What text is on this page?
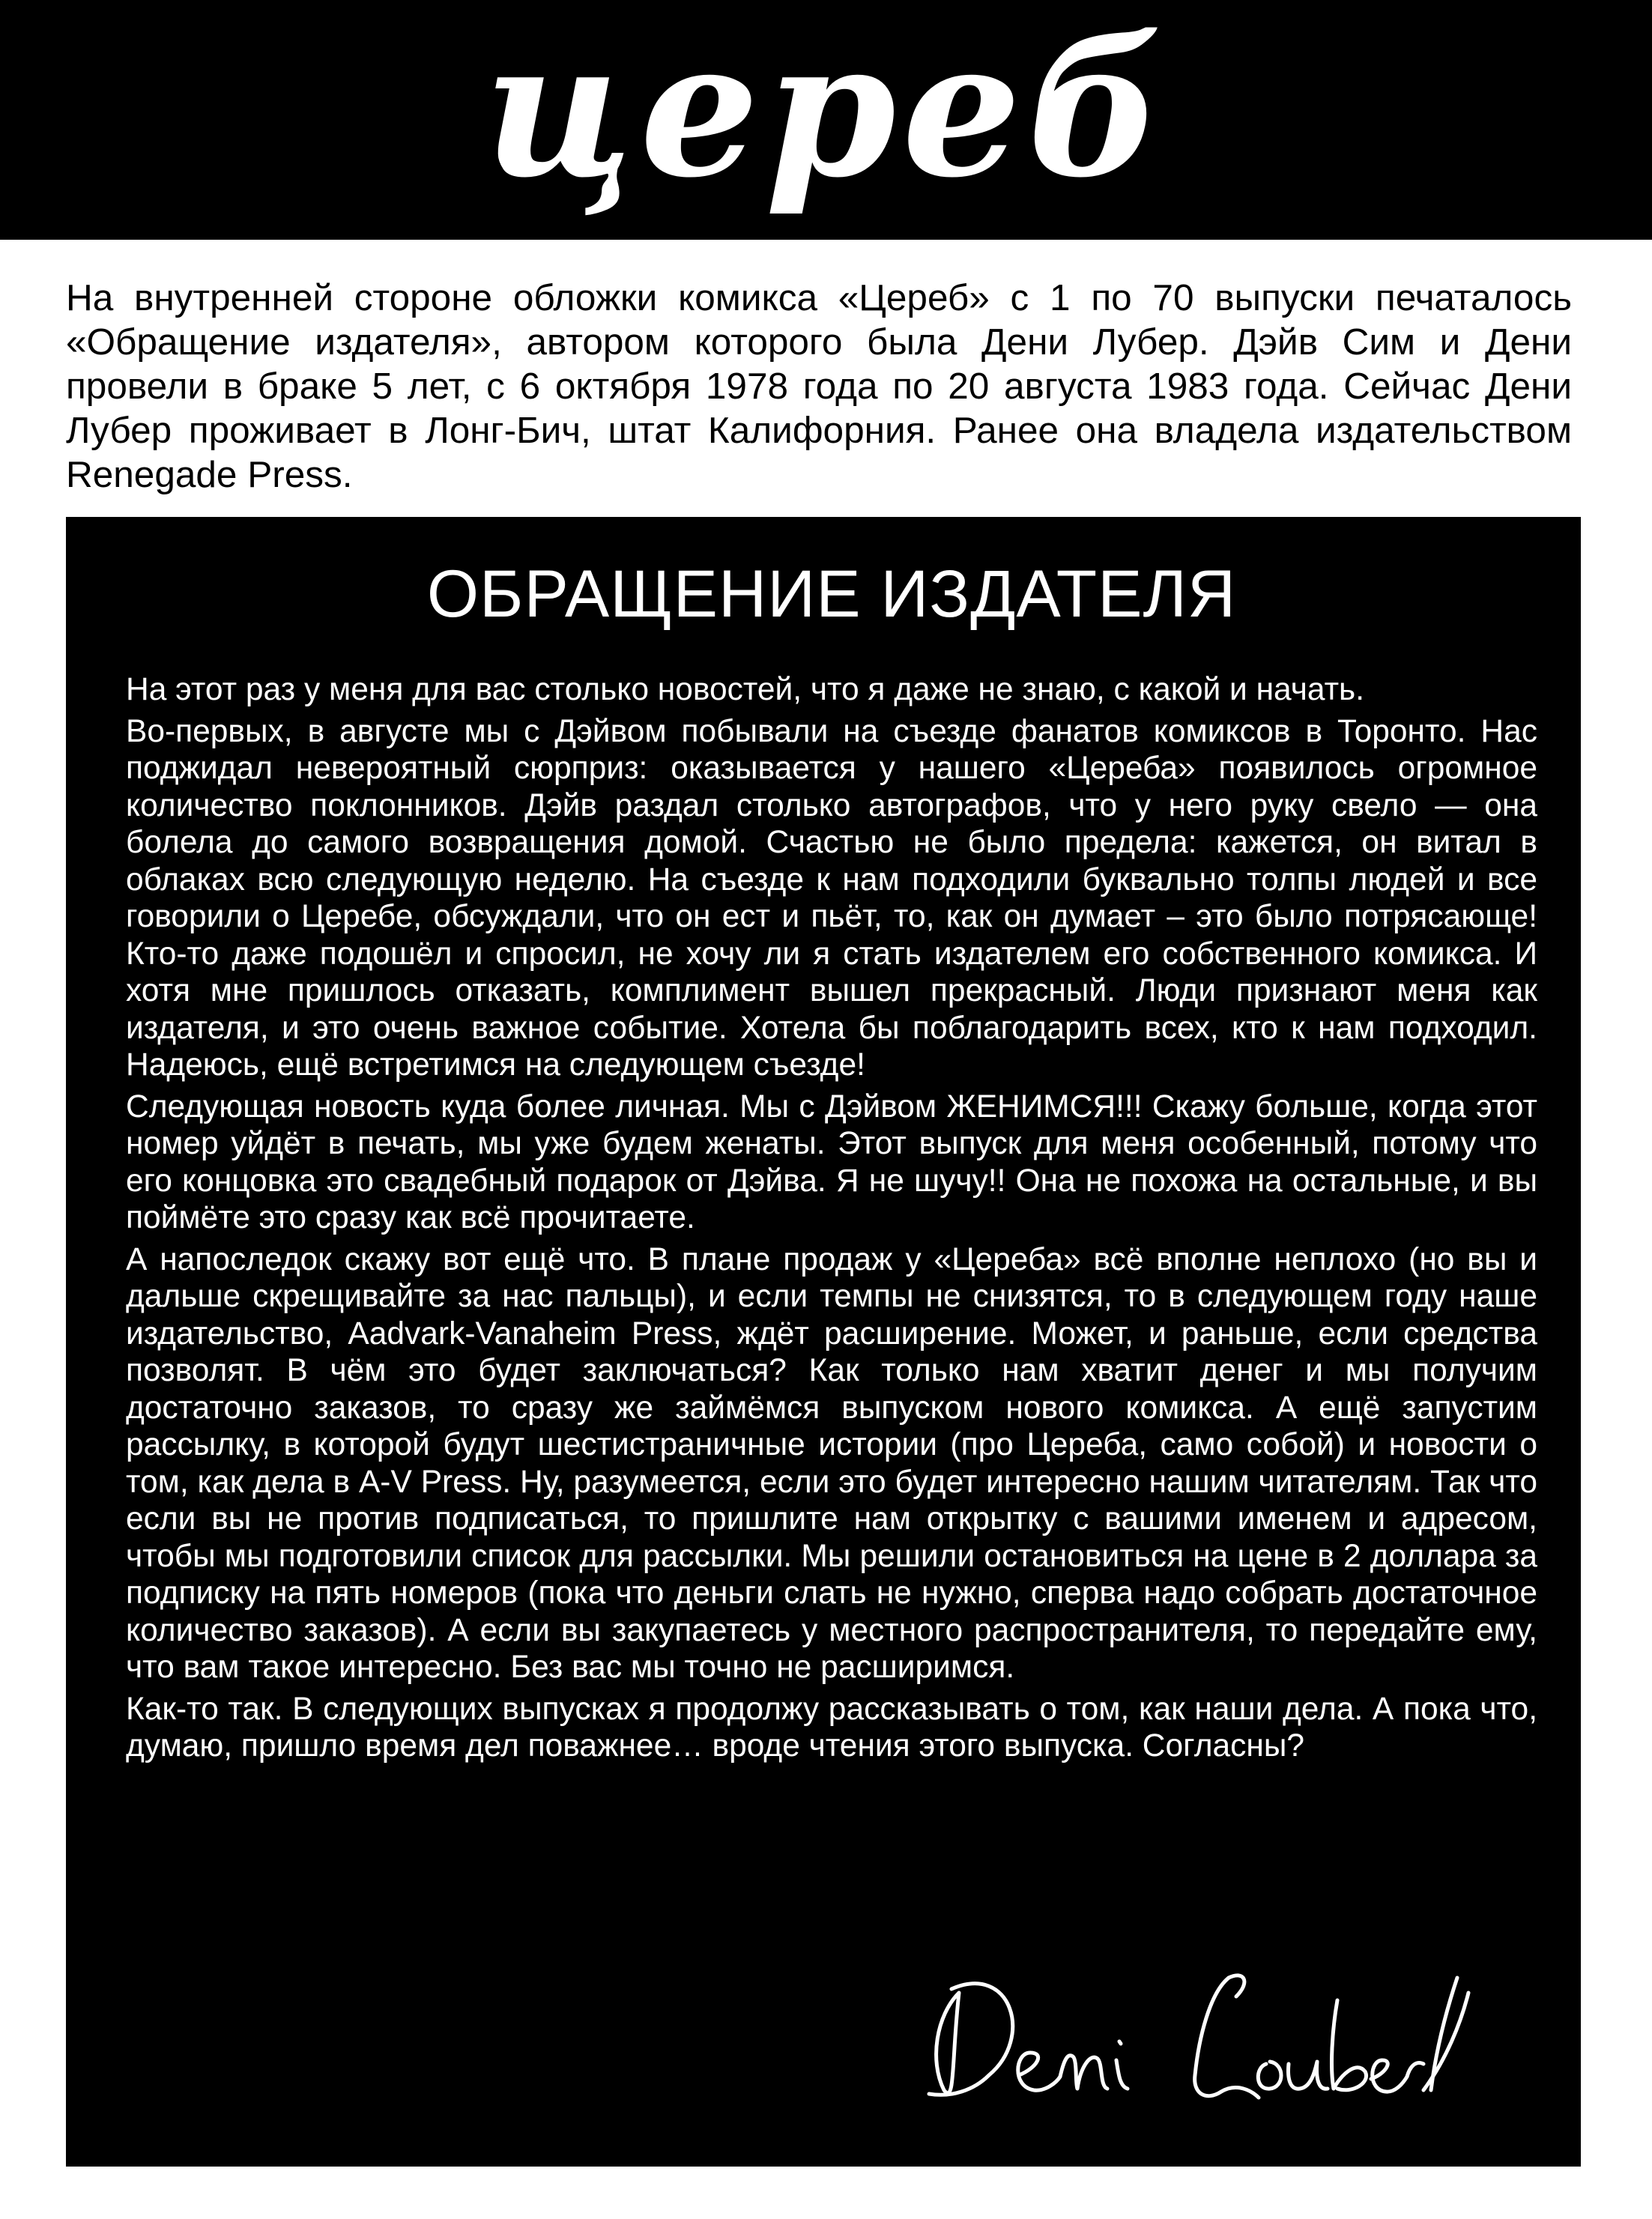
цереб

На внутренней стороне обложки комикса «Цереб» с 1 по 70 выпуски печаталось «Обращение издателя», автором которого была Дени Лубер. Дэйв Сим и Дени провели в браке 5 лет, с 6 октября 1978 года по 20 августа 1983 года. Сейчас Дени Лубер проживает в Лонг-Бич, штат Калифорния. Ранее она владела издательством Renegade Press.

ОБРАЩЕНИЕ ИЗДАТЕЛЯ

На этот раз у меня для вас столько новостей, что я даже не знаю, с какой и начать.

Во-первых, в августе мы с Дэйвом побывали на съезде фанатов комиксов в Торонто. Нас поджидал невероятный сюрприз: оказывается у нашего «Цереба» появилось огромное количество поклонников. Дэйв раздал столько автографов, что у него руку свело — она болела до самого возвращения домой. Счастью не было предела: кажется, он витал в облаках всю следующую неделю. На съезде к нам подходили буквально толпы людей и все говорили о Церебе, обсуждали, что он ест и пьёт, то, как он думает – это было потрясающе! Кто-то даже подошёл и спросил, не хочу ли я стать издателем его собственного комикса. И хотя мне пришлось отказать, комплимент вышел прекрасный. Люди признают меня как издателя, и это очень важное событие. Хотела бы поблагодарить всех, кто к нам подходил. Надеюсь, ещё встретимся на следующем съезде!

Следующая новость куда более личная. Мы с Дэйвом ЖЕНИМСЯ!!! Скажу больше, когда этот номер уйдёт в печать, мы уже будем женаты. Этот выпуск для меня особенный, потому что его концовка это свадебный подарок от Дэйва. Я не шучу!! Она не похожа на остальные, и вы поймёте это сразу как всё прочитаете.

А напоследок скажу вот ещё что. В плане продаж у «Цереба» всё вполне неплохо (но вы и дальше скрещивайте за нас пальцы), и если темпы не снизятся, то в следующем году наше издательство, Aadvark-Vanaheim Press, ждёт расширение. Может, и раньше, если средства позволят. В чём это будет заключаться? Как только нам хватит денег и мы получим достаточно заказов, то сразу же займёмся выпуском нового комикса. А ещё запустим рассылку, в которой будут шестистраничные истории (про Цереба, само собой) и новости о том, как дела в A-V Press. Ну, разумеется, если это будет интересно нашим читателям. Так что если вы не против подписаться, то пришлите нам открытку с вашими именем и адресом, чтобы мы подготовили список для рассылки. Мы решили остановиться на цене в 2 доллара за подписку на пять номеров (пока что деньги слать не нужно, сперва надо собрать достаточное количество заказов). А если вы закупаетесь у местного распространителя, то передайте ему, что вам такое интересно. Без вас мы точно не расширимся.

Как-то так. В следующих выпусках я продолжу рассказывать о том, как наши дела. А пока что, думаю, пришло время дел поважнее… вроде чтения этого выпуска. Согласны?
